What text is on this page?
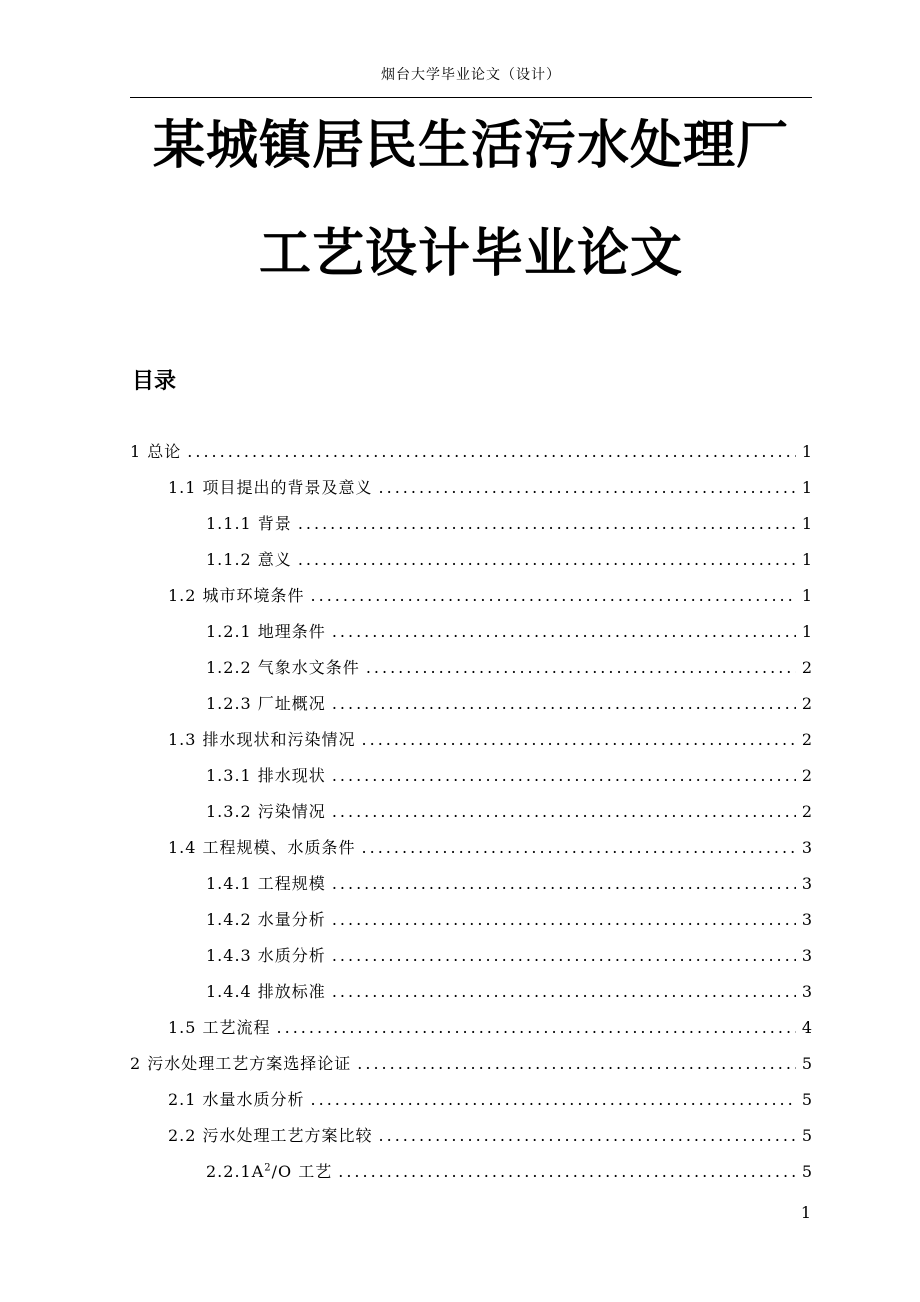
烟台大学毕业论文（设计）
某城镇居民生活污水处理厂
工艺设计毕业论文
目录
1 总论 .....	1
1.1 项目提出的背景及意义 .....	1
1.1.1 背景 .....	1
1.1.2 意义 .....	1
1.2 城市环境条件 .....	1
1.2.1 地理条件 .....	1
1.2.2 气象水文条件 .....	2
1.2.3 厂址概况 .....	2
1.3 排水现状和污染情况 .....	2
1.3.1 排水现状 .....	2
1.3.2 污染情况 .....	2
1.4 工程规模、水质条件 .....	3
1.4.1 工程规模 .....	3
1.4.2 水量分析 .....	3
1.4.3 水质分析 .....	3
1.4.4 排放标准 .....	3
1.5 工艺流程 .....	4
2 污水处理工艺方案选择论证 .....	5
2.1 水量水质分析 .....	5
2.2 污水处理工艺方案比较 .....	5
$2.2.1A^2/O$ 工艺 .....	5
1
